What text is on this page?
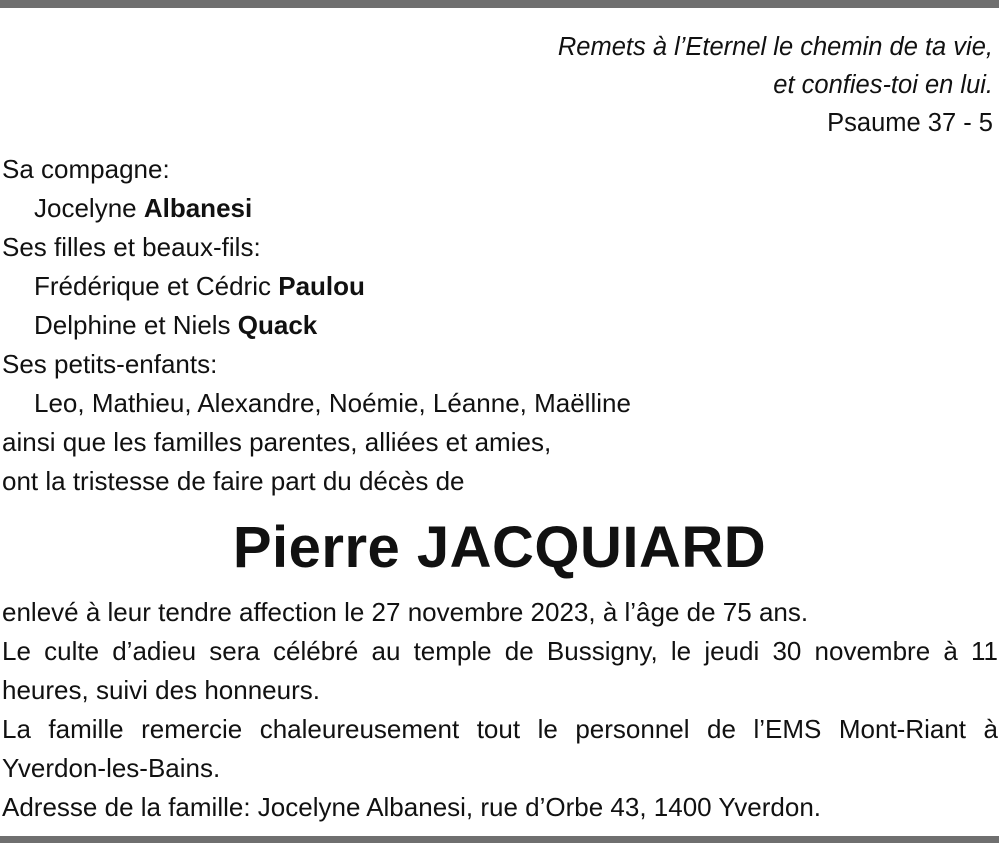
Remets à l’Eternel le chemin de ta vie,
et confies-toi en lui.
Psaume 37 - 5
Sa compagne:
Jocelyne Albanesi
Ses filles et beaux-fils:
Frédérique et Cédric Paulou
Delphine et Niels Quack
Ses petits-enfants:
Leo, Mathieu, Alexandre, Noémie, Léanne, Maëlline
ainsi que les familles parentes, alliées et amies,
ont la tristesse de faire part du décès de
Pierre JACQUIARD

enlevé à leur tendre affection le 27 novembre 2023, à l’âge de 75 ans.

Le culte d’adieu sera célébré au temple de Bussigny, le jeudi 30 novembre à 11 heures, suivi des honneurs.

La famille remercie chaleureusement tout le personnel de l’EMS Mont-Riant à Yverdon-les-Bains.

Adresse de la famille: Jocelyne Albanesi, rue d’Orbe 43, 1400 Yverdon.
